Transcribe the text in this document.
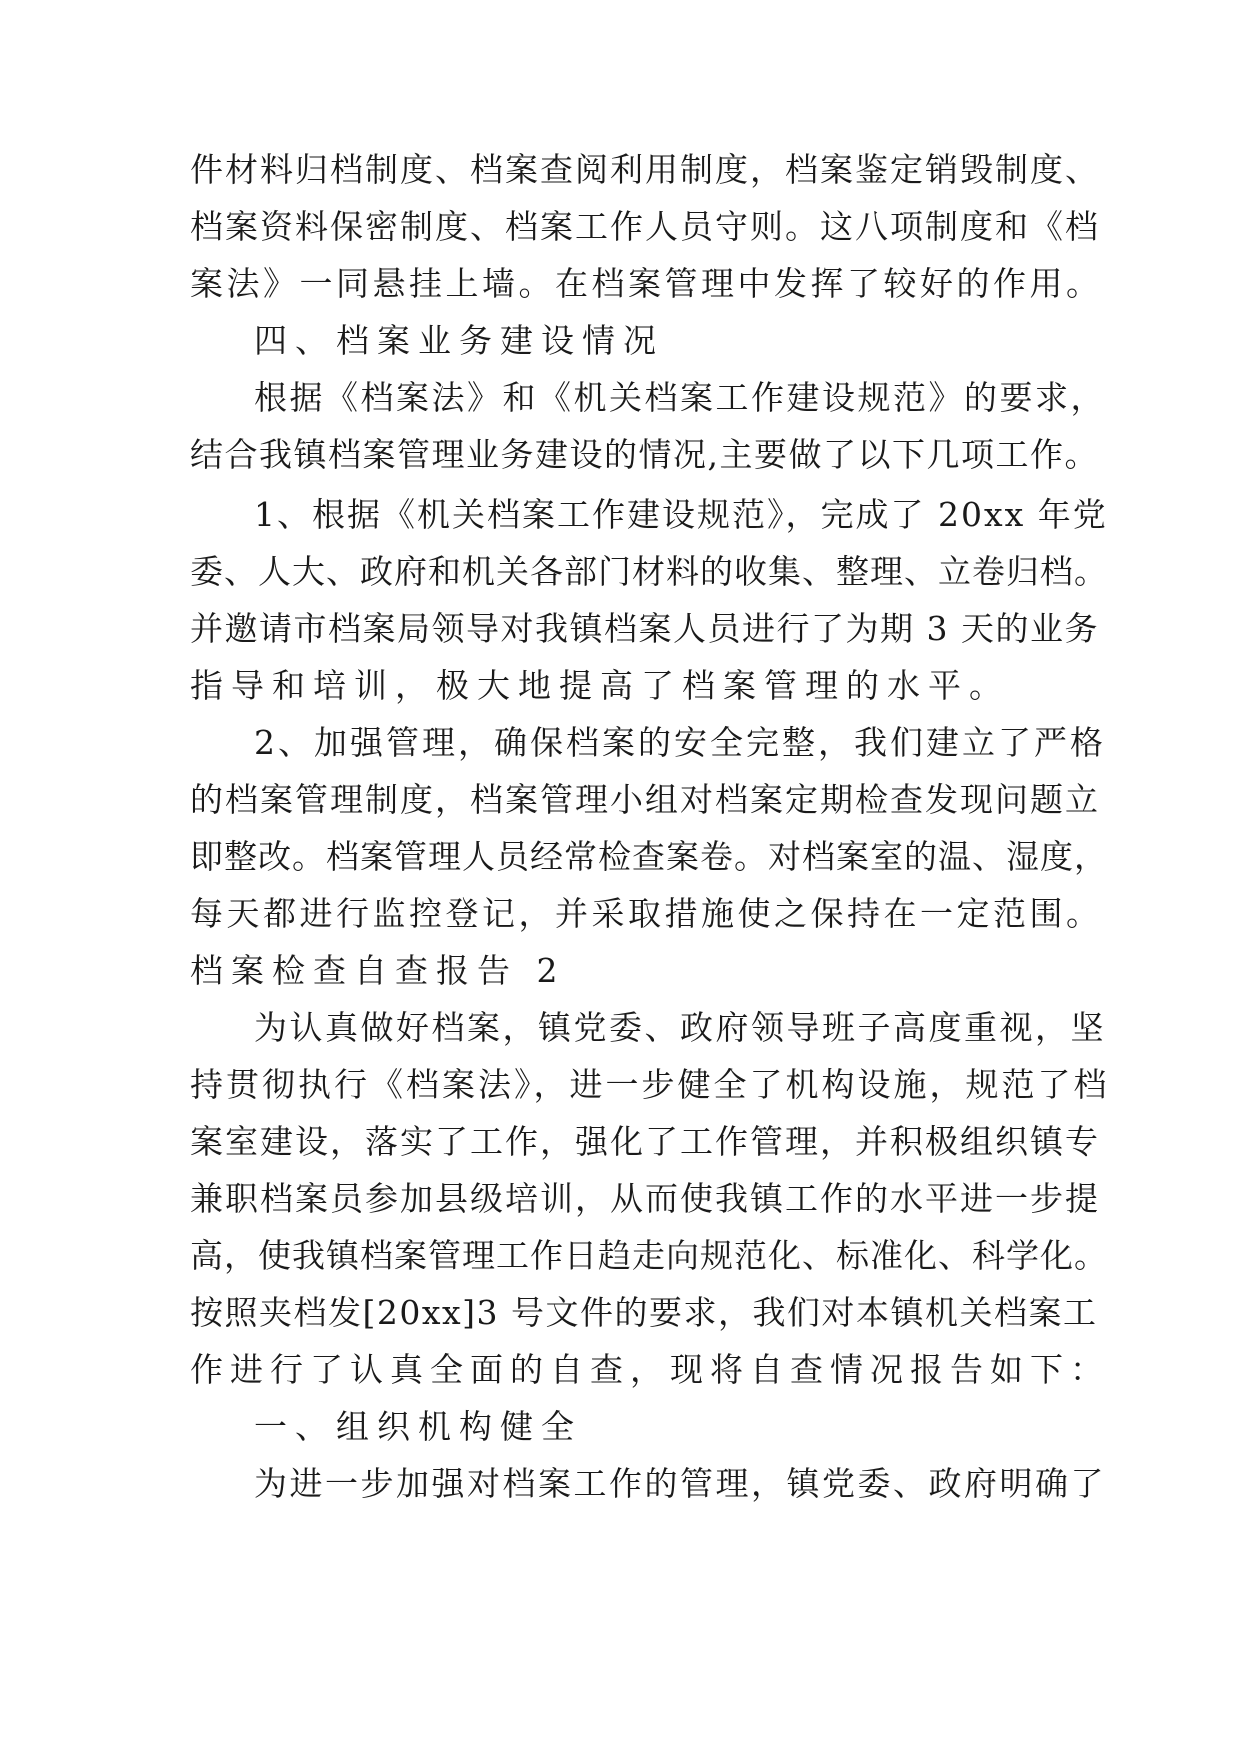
件材料归档制度、档案查阅利用制度，档案鉴定销毁制度、
档案资料保密制度、档案工作人员守则。这八项制度和《档
案法》一同悬挂上墙。在档案管理中发挥了较好的作用。
四、档案业务建设情况
根据《档案法》和《机关档案工作建设规范》的要求，
结合我镇档案管理业务建设的情况,主要做了以下几项工作。
1、根据《机关档案工作建设规范》，完成了 20xx 年党
委、人大、政府和机关各部门材料的收集、整理、立卷归档。
并邀请市档案局领导对我镇档案人员进行了为期 3 天的业务
指导和培训，极大地提高了档案管理的水平。
2、加强管理，确保档案的安全完整，我们建立了严格
的档案管理制度，档案管理小组对档案定期检查发现问题立
即整改。档案管理人员经常检查案卷。对档案室的温、湿度，
每天都进行监控登记，并采取措施使之保持在一定范围。
档案检查自查报告 2
为认真做好档案，镇党委、政府领导班子高度重视，坚
持贯彻执行《档案法》，进一步健全了机构设施，规范了档
案室建设，落实了工作，强化了工作管理，并积极组织镇专
兼职档案员参加县级培训，从而使我镇工作的水平进一步提
高，使我镇档案管理工作日趋走向规范化、标准化、科学化。
按照夹档发[20xx]3 号文件的要求，我们对本镇机关档案工
作进行了认真全面的自查，现将自查情况报告如下：
一、组织机构健全
为进一步加强对档案工作的管理，镇党委、政府明确了
